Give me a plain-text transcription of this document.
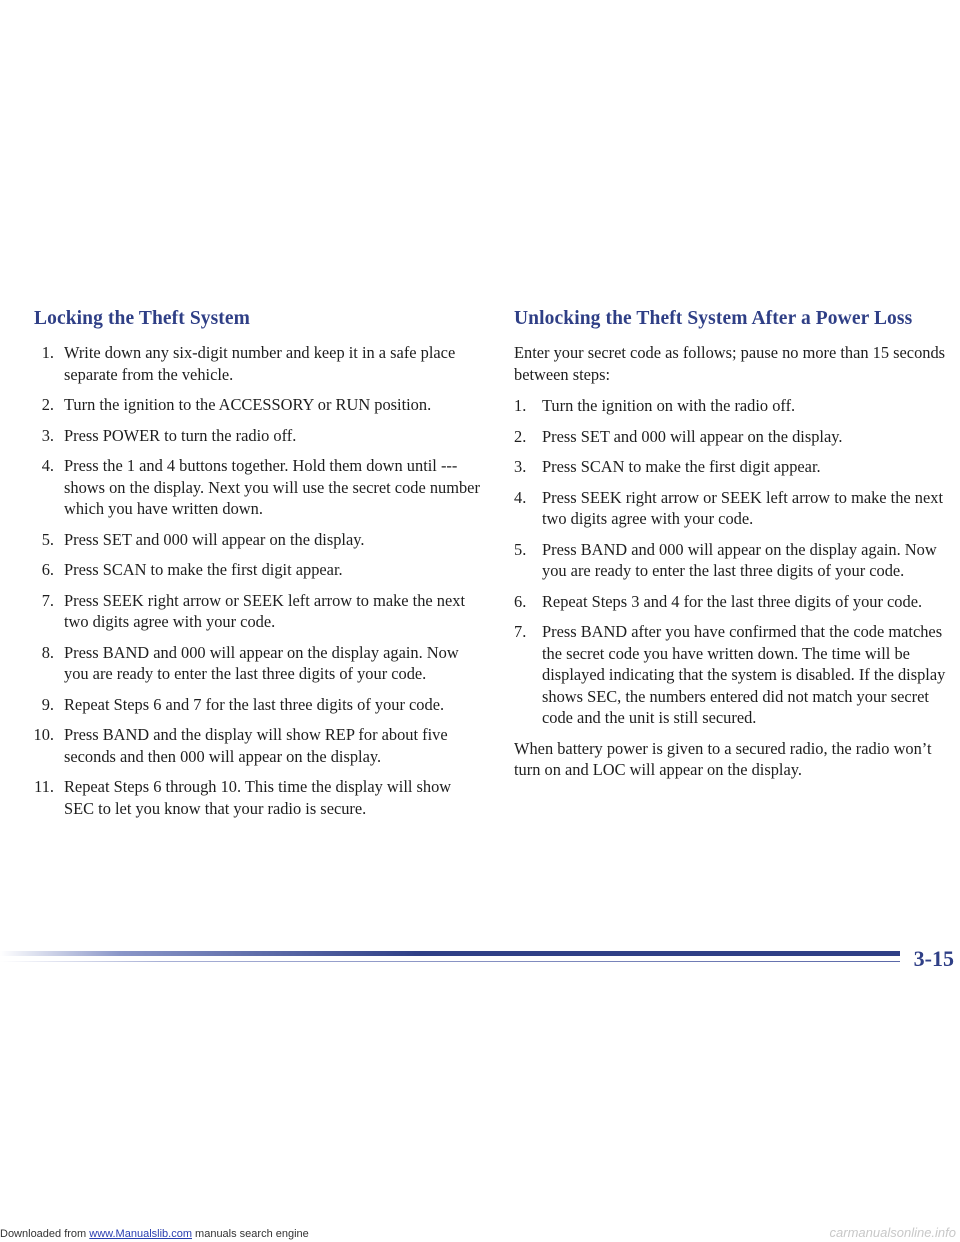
Locking the Theft System
1. Write down any six-digit number and keep it in a safe place separate from the vehicle.
2. Turn the ignition to the ACCESSORY or RUN position.
3. Press POWER to turn the radio off.
4. Press the 1 and 4 buttons together. Hold them down until --- shows on the display. Next you will use the secret code number which you have written down.
5. Press SET and 000 will appear on the display.
6. Press SCAN to make the first digit appear.
7. Press SEEK right arrow or SEEK left arrow to make the next two digits agree with your code.
8. Press BAND and 000 will appear on the display again. Now you are ready to enter the last three digits of your code.
9. Repeat Steps 6 and 7 for the last three digits of your code.
10. Press BAND and the display will show REP for about five seconds and then 000 will appear on the display.
11. Repeat Steps 6 through 10. This time the display will show SEC to let you know that your radio is secure.
Unlocking the Theft System After a Power Loss

Enter your secret code as follows; pause no more than 15 seconds between steps:

1. Turn the ignition on with the radio off.
2. Press SET and 000 will appear on the display.
3. Press SCAN to make the first digit appear.
4. Press SEEK right arrow or SEEK left arrow to make the next two digits agree with your code.
5. Press BAND and 000 will appear on the display again. Now you are ready to enter the last three digits of your code.
6. Repeat Steps 3 and 4 for the last three digits of your code.
7. Press BAND after you have confirmed that the code matches the secret code you have written down. The time will be displayed indicating that the system is disabled. If the display shows SEC, the numbers entered did not match your secret code and the unit is still secured.

When battery power is given to a secured radio, the radio won’t turn on and LOC will appear on the display.

3-15
Downloaded from www.Manualslib.com manuals search engine	carmanualsonline.info
